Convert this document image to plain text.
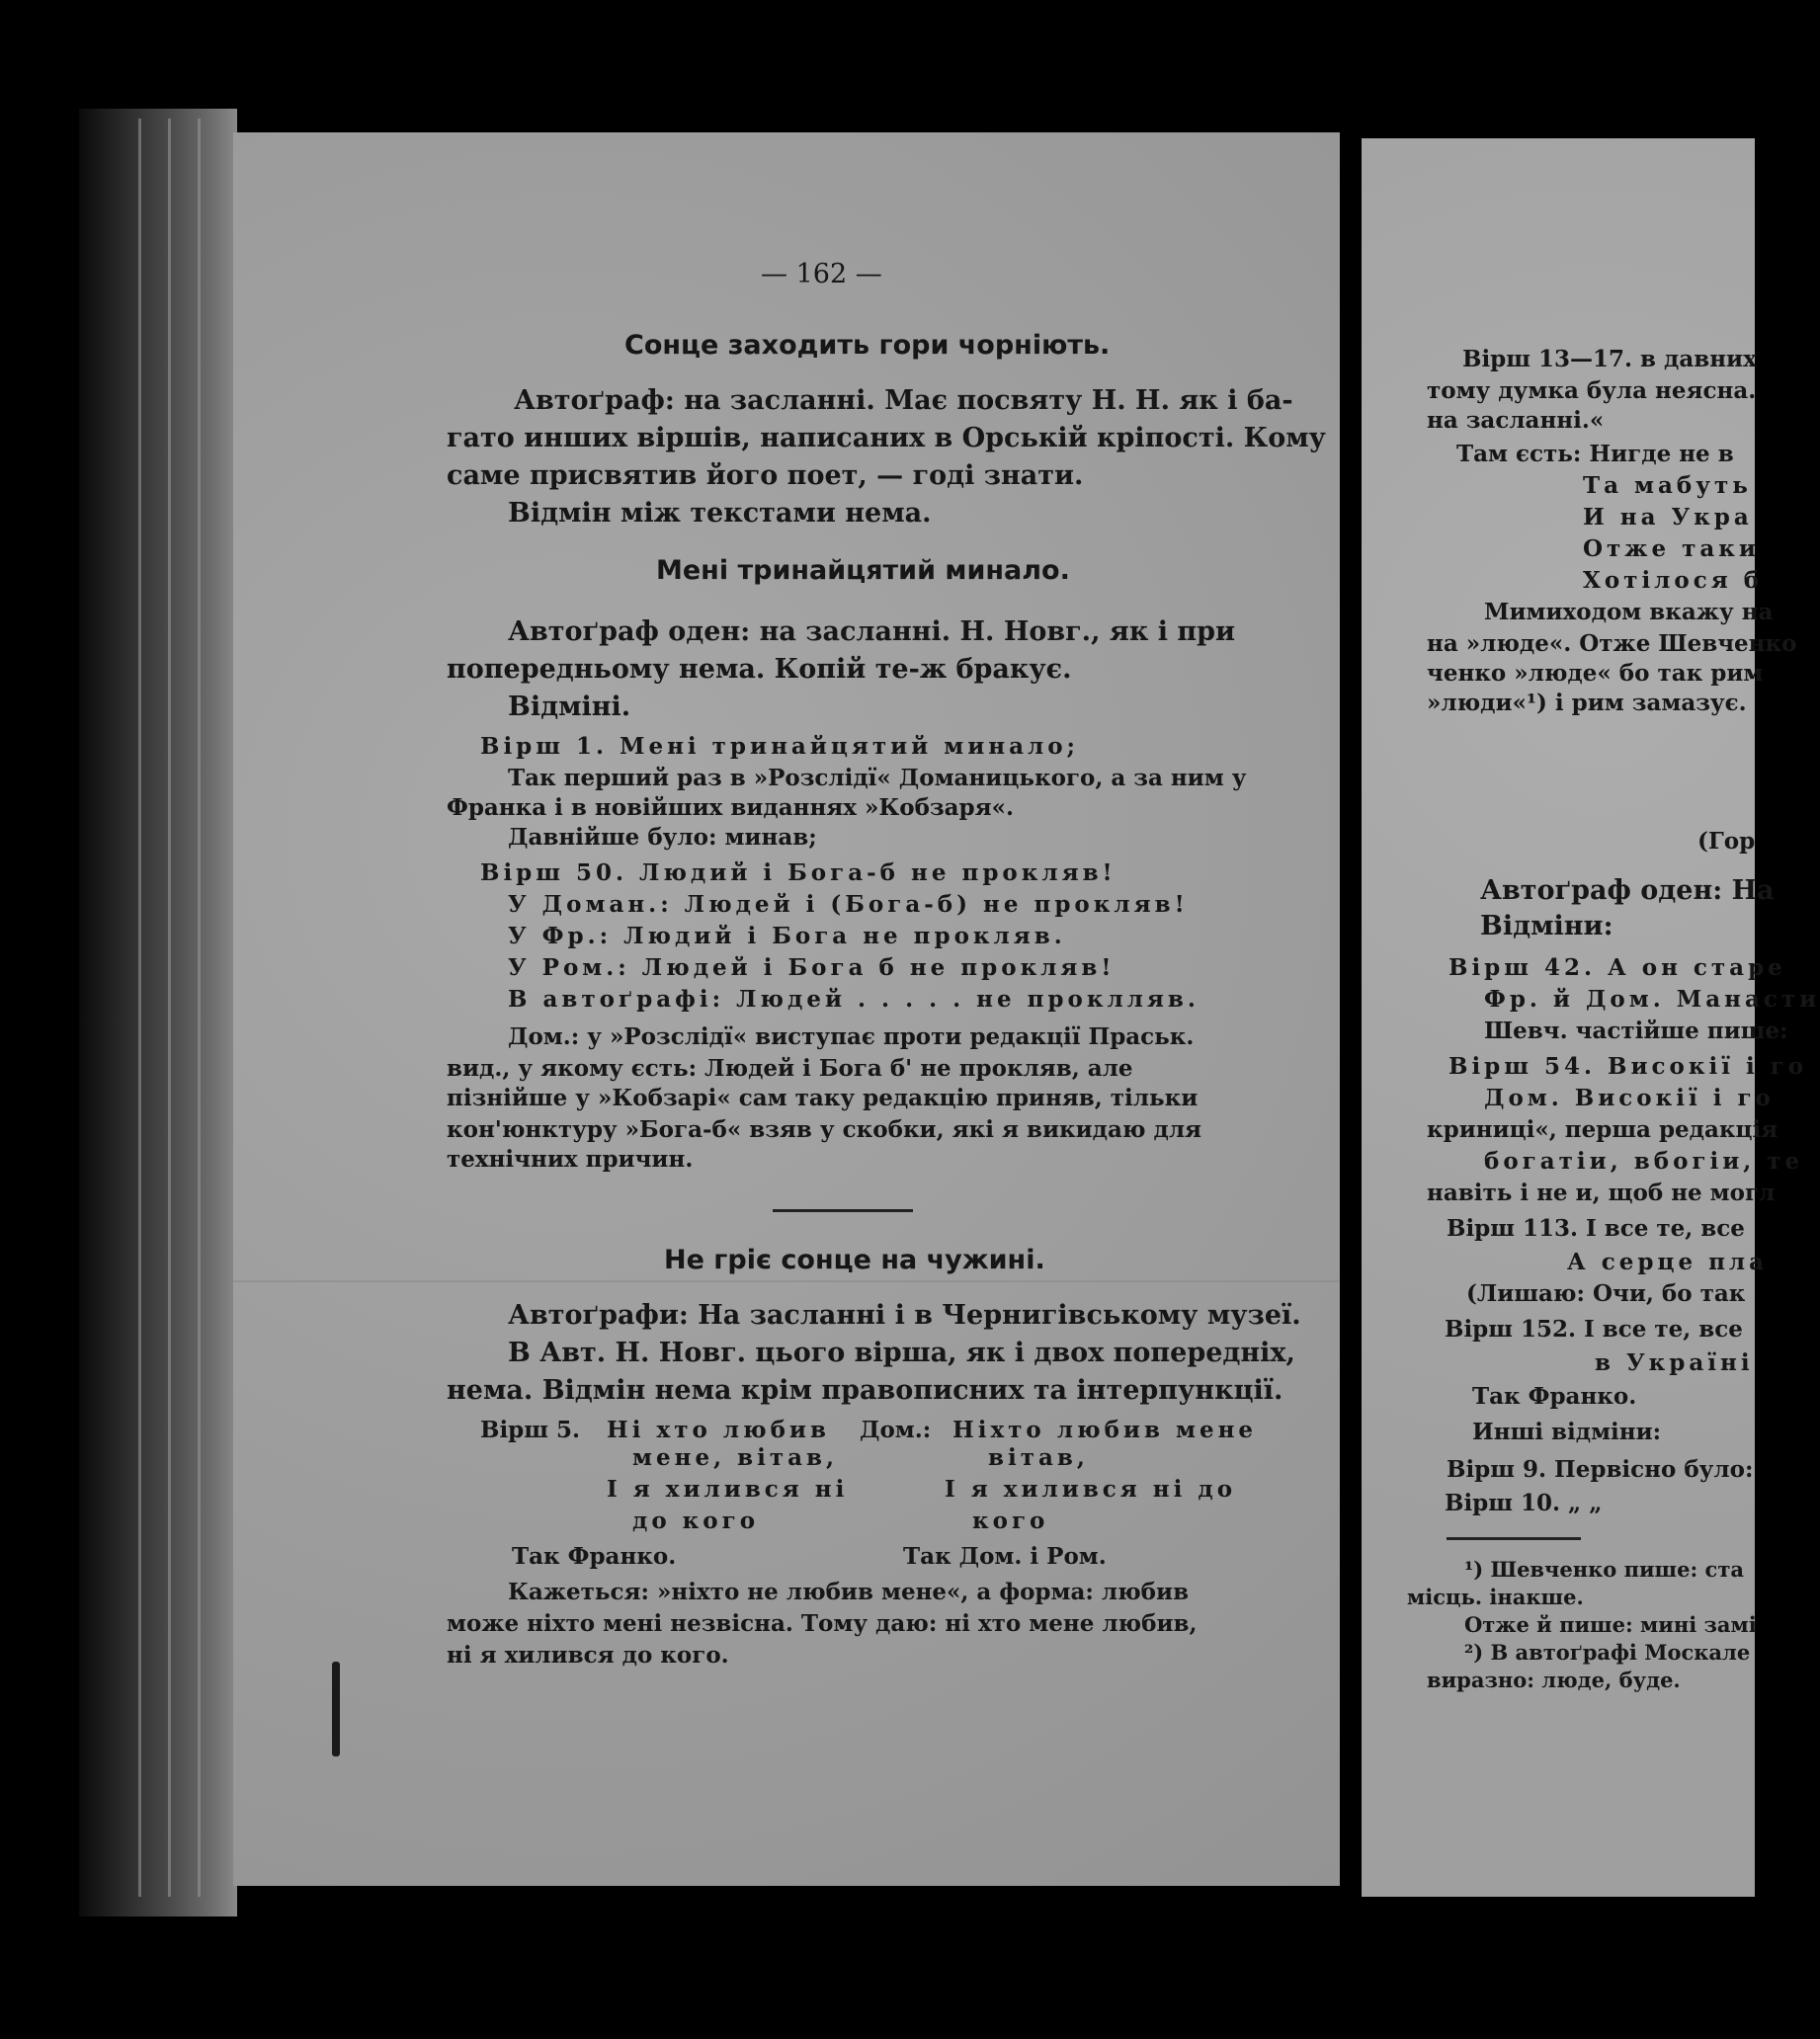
— 162 —
Сонце заходить гори чорніють.
Автоґраф: на засланні. Має посвяту Н. Н. як і ба-
гато инших віршів, написаних в Орській кріпості. Кому
саме присвятив його поет, — годі знати.
Відмін між текстами нема.
Мені тринайцятий минало.
Автоґраф оден: на засланні. Н. Новг., як і при
попередньому нема. Копій те-ж бракує.
Відміні.
Вірш 1. Мені тринайцятий минало;
Так перший раз в »Розслідї« Доманицького, а за ним у
Франка і в новійших виданнях »Кобзаря«.
Давнійше було: минав;
Вірш 50. Людий і Бога-б не прокляв!
У Доман.: Людей і (Бога-б) не прокляв!
У Фр.: Людий і Бога не прокляв.
У Ром.: Людей і Бога б не прокляв!
В автоґрафі: Людей . . . . . не проклляв.
Дом.: у »Розслідї« виступає проти редакції Праськ.
вид., у якому єсть: Людей і Бога б' не прокляв, але
пізнійше у »Кобзарі« сам таку редакцію приняв, тільки
кон'юнктуру »Бога-б« взяв у скобки, які я викидаю для
технічних причин.
Не гріє сонце на чужині.
Автоґрафи: На засланні і в Чернигівському музеї.
В Авт. Н. Новг. цього вірша, як і двох попередніх,
нема. Відмін нема крім правописних та інтерпункції.
Вірш 5. Ні хто любив
мене, вітав,
І я хилився ні
до кого
Дом.: Ніхто любив мене
вітав,
І я хилився ні до
кого
Так Франко.	Так Дом. і Ром.
Кажеться: »ніхто не любив мене«, а форма: любив
може ніхто мені незвісна. Тому даю: ні хто мене любив,
ні я хилився до кого.
Вірш 13—17. в давних
тому думка була неясна.
на засланні.«
Там єсть: Нигде не в
Та мабуть
И на Укра
Отже таки
Хотілося б
Мимиходом вкажу на
на »люде«. Отже Шевченко
ченко »люде« бо так рим
»люди«¹) і рим замазує.
(Гор
Автоґраф оден: На
Відміни:
Вірш 42. А он старе
Фр. й Дом. Манасти
Шевч. частійше пише:
Вірш 54. Високії і го
Дом. Високії і го
криниці«, перша редакція
богатіи, вбогіи, те
навіть і не и, щоб не могл
Вірш 113. І все те, все
А серце пла
(Лишаю: Очи, бо так
Вірш 152. І все те, все
в Україні
Так Франко.
Инші відміни:
Вірш 9. Первісно було:
Вірш 10. „ „
¹) Шевченко пише: ста
місць. інакше.
Отже й пише: мині замі
²) В автоґрафі Москале
виразно: люде, буде.
